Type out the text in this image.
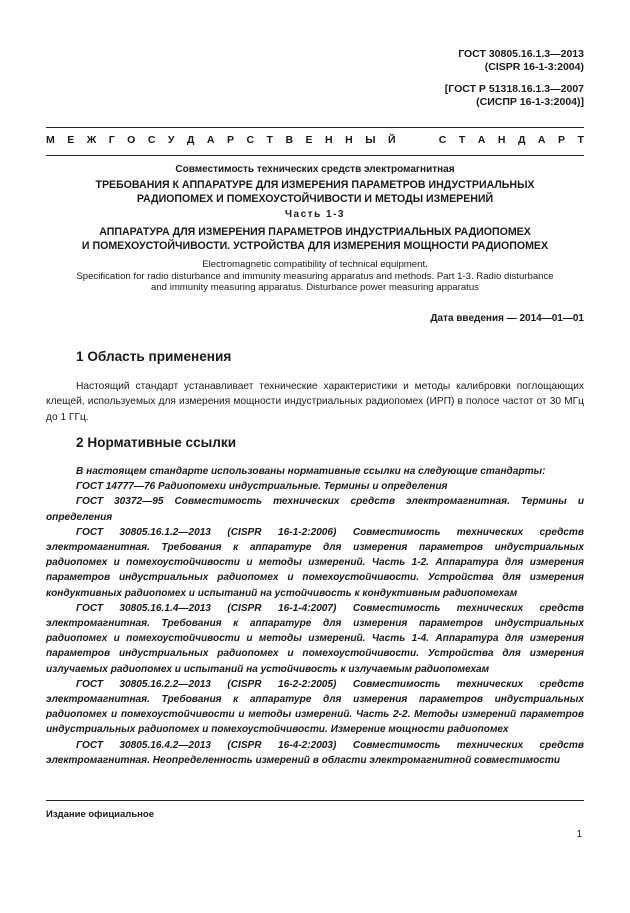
ГОСТ 30805.16.1.3—2013
(CISPR 16-1-3:2004)
[ГОСТ Р 51318.16.1.3—2007
(СИСПР 16-1-3:2004)]
М Е Ж Г О С У Д А Р С Т В Е Н Н Ы Й

	С Т А Н Д А Р Т
Совместимость технических средств электромагнитная
ТРЕБОВАНИЯ К АППАРАТУРЕ ДЛЯ ИЗМЕРЕНИЯ ПАРАМЕТРОВ ИНДУСТРИАЛЬНЫХ
РАДИОПОМЕХ И ПОМЕХОУСТОЙЧИВОСТИ И МЕТОДЫ ИЗМЕРЕНИЙ
Часть 1-3
АППАРАТУРА ДЛЯ ИЗМЕРЕНИЯ ПАРАМЕТРОВ ИНДУСТРИАЛЬНЫХ РАДИОПОМЕХ
И ПОМЕХОУСТОЙЧИВОСТИ. УСТРОЙСТВА ДЛЯ ИЗМЕРЕНИЯ МОЩНОСТИ РАДИОПОМЕХ
Electromagnetic compatibility of technical equipment.
Specification for radio disturbance and immunity measuring apparatus and methods. Part 1-3. Radio disturbance
and immunity measuring apparatus. Disturbance power measuring apparatus
Дата введения — 2014—01—01
1 Область применения
Настоящий стандарт устанавливает технические характеристики и методы калибровки поглощающих клещей, используемых для измерения мощности индустриальных радиопомех (ИРП) в полосе частот от 30 МГц до 1 ГГц.
2 Нормативные ссылки

В настоящем стандарте использованы нормативные ссылки на следующие стандарты:

ГОСТ 14777—76 Радиопомехи индустриальные. Термины и определения

ГОСТ 30372—95 Совместимость технических средств электромагнитная. Термины и определения

ГОСТ 30805.16.1.2—2013 (CISPR 16-1-2:2006) Совместимость технических средств электромагнитная. Требования к аппаратуре для измерения параметров индустриальных радиопомех и помехоустойчивости и методы измерений. Часть 1-2. Аппаратура для измерения параметров индустриальных радиопомех и помехоустойчивости. Устройства для измерения кондуктивных радиопомех и испытаний на устойчивость к кондуктивным радиопомехам

ГОСТ 30805.16.1.4—2013 (CISPR 16-1-4:2007) Совместимость технических средств электромагнитная. Требования к аппаратуре для измерения параметров индустриальных радиопомех и помехоустойчивости и методы измерений. Часть 1-4. Аппаратура для измерения параметров индустриальных радиопомех и помехоустойчивости. Устройства для измерения излучаемых радиопомех и испытаний на устойчивость к излучаемым радиопомехам

ГОСТ 30805.16.2.2—2013 (CISPR 16-2-2:2005) Совместимость технических средств электромагнитная. Требования к аппаратуре для измерения параметров индустриальных радиопомех и помехоустойчивости и методы измерений. Часть 2-2. Методы измерений параметров индустриальных радиопомех и помехоустойчивости. Измерение мощности радиопомех

ГОСТ 30805.16.4.2—2013 (CISPR 16-4-2:2003) Совместимость технических средств электромагнитная. Неопределенность измерений в области электромагнитной совместимости

Издание официальное
1
